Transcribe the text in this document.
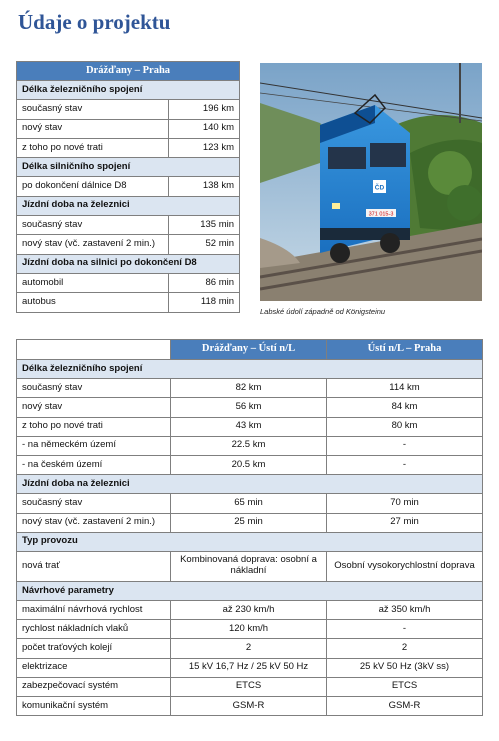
Údaje o projektu
Drážďany – Praha	
Délka železničního spojení	
současný stav	196 km
nový stav	140 km
z toho po nové trati	123 km
Délka silničního spojení	
po dokončení dálnice D8	138 km
Jízdní doba na železnici	
současný stav	135 min
nový stav (vč. zastavení 2 min.)	52 min
Jízdní doba na silnici po dokončení D8	
automobil	86 min
autobus	118 min
ČD
371 015-3
Labské údolí západně od Königsteinu
	Drážďany – Ústí n/L	Ústí n/L – Praha
Délka železničního spojení		
současný stav	82 km	114 km
nový stav	56 km	84 km
z toho po nové trati	43 km	80 km
- na německém území	22.5 km	-
- na českém území	20.5 km	-
Jízdní doba na železnici		
současný stav	65 min	70 min
nový stav (vč. zastavení 2 min.)	25 min	27 min
Typ provozu		
nová trať	Kombinovaná doprava: osobní a nákladní	Osobní vysokorychlostní doprava
Návrhové parametry		
maximální návrhová rychlost	až 230 km/h	až 350 km/h
rychlost nákladních vlaků	120 km/h	-
počet traťových kolejí	2	2
elektrizace	15 kV 16,7 Hz / 25 kV 50 Hz	25 kV 50 Hz (3kV ss)
zabezpečovací systém	ETCS	ETCS
komunikační systém	GSM-R	GSM-R
